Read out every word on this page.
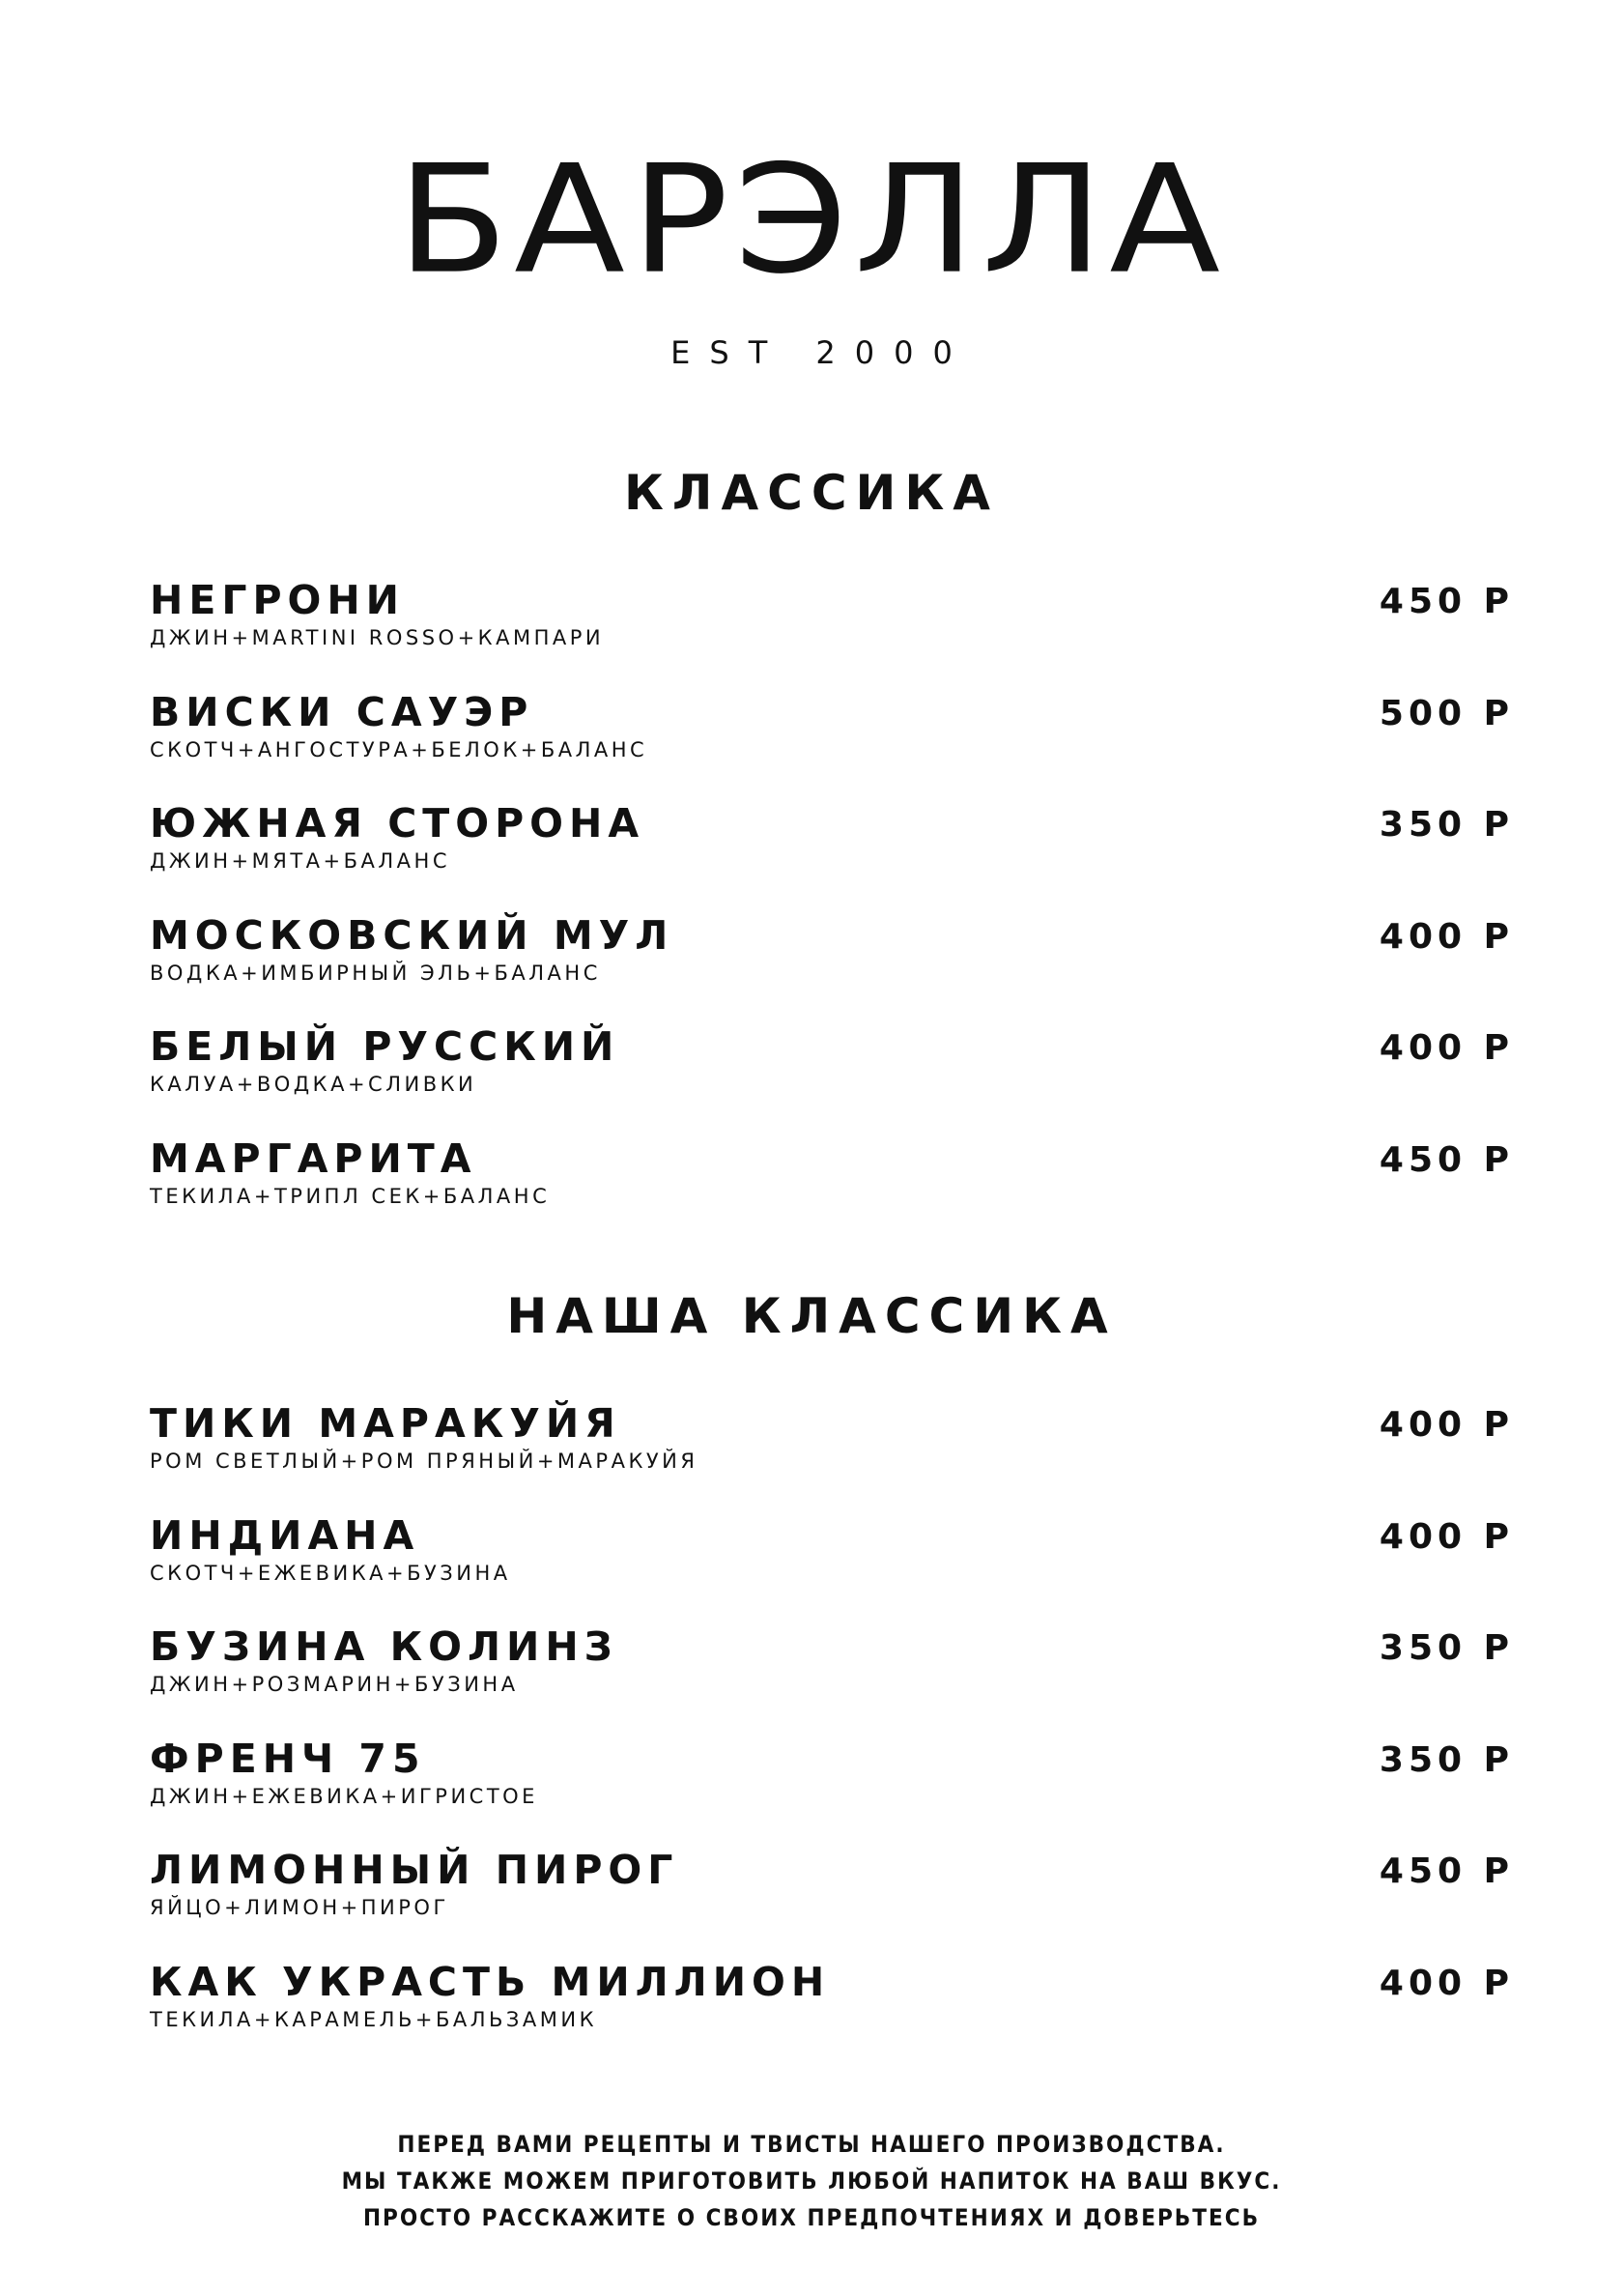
БАРЭЛЛА
EST 2000
КЛАССИКА
НЕГРОНИ
ДЖИН+MARTINI ROSSO+КАМПАРИ
450 Р
ВИСКИ САУЭР
СКОТЧ+АНГОСТУРА+БЕЛОК+БАЛАНС
500 Р
ЮЖНАЯ СТОРОНА
ДЖИН+МЯТА+БАЛАНС
350 Р
МОСКОВСКИЙ МУЛ
ВОДКА+ИМБИРНЫЙ ЭЛЬ+БАЛАНС
400 Р
БЕЛЫЙ РУССКИЙ
КАЛУА+ВОДКА+СЛИВКИ
400 Р
МАРГАРИТА
ТЕКИЛА+ТРИПЛ СЕК+БАЛАНС
450 Р
НАША КЛАССИКА
ТИКИ МАРАКУЙЯ
РОМ СВЕТЛЫЙ+РОМ ПРЯНЫЙ+МАРАКУЙЯ
400 Р
ИНДИАНА
СКОТЧ+ЕЖЕВИКА+БУЗИНА
400 Р
БУЗИНА КОЛИНЗ
ДЖИН+РОЗМАРИН+БУЗИНА
350 Р
ФРЕНЧ 75
ДЖИН+ЕЖЕВИКА+ИГРИСТОЕ
350 Р
ЛИМОННЫЙ ПИРОГ
ЯЙЦО+ЛИМОН+ПИРОГ
450 Р
КАК УКРАСТЬ МИЛЛИОН
ТЕКИЛА+КАРАМЕЛЬ+БАЛЬЗАМИК
400 Р
ПЕРЕД ВАМИ РЕЦЕПТЫ И ТВИСТЫ НАШЕГО ПРОИЗВОДСТВА.
МЫ ТАКЖЕ МОЖЕМ ПРИГОТОВИТЬ ЛЮБОЙ НАПИТОК НА ВАШ ВКУС.
ПРОСТО РАССКАЖИТЕ О СВОИХ ПРЕДПОЧТЕНИЯХ И ДОВЕРЬТЕСЬ
